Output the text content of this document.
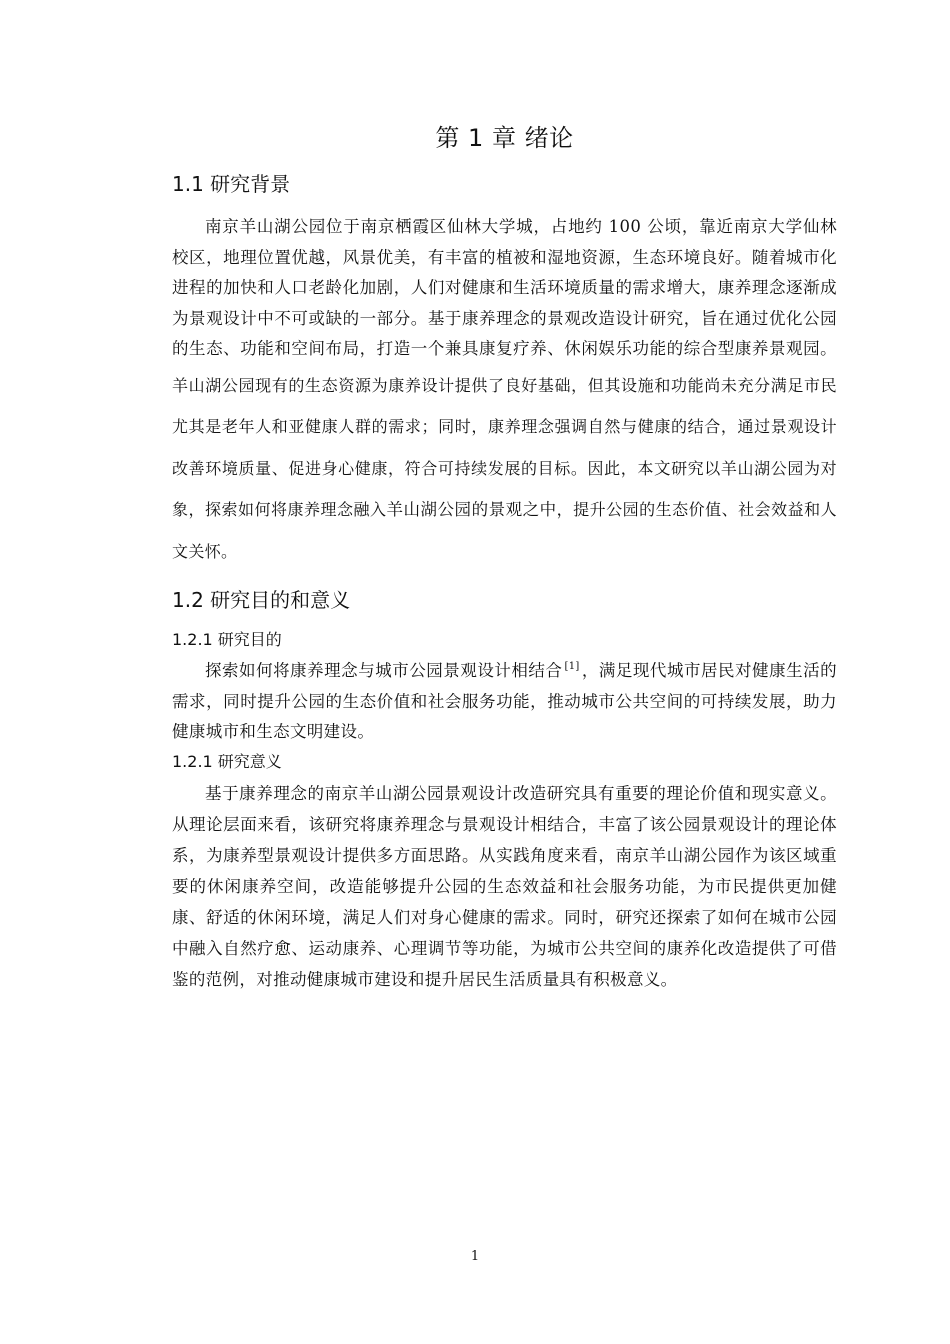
第 1 章 绪论
1.1 研究背景

南京羊山湖公园位于南京栖霞区仙林大学城，占地约 100 公顷，靠近南京大学仙林校区，地理位置优越，风景优美，有丰富的植被和湿地资源，生态环境良好。随着城市化进程的加快和人口老龄化加剧，人们对健康和生活环境质量的需求增大，康养理念逐渐成为景观设计中不可或缺的一部分。基于康养理念的景观改造设计研究，旨在通过优化公园的生态、功能和空间布局，打造一个兼具康复疗养、休闲娱乐功能的综合型康养景观园。羊山湖公园现有的生态资源为康养设计提供了良好基础，但其设施和功能尚未充分满足市民尤其是老年人和亚健康人群的需求；同时，康养理念强调自然与健康的结合，通过景观设计改善环境质量、促进身心健康，符合可持续发展的目标。因此，本文研究以羊山湖公园为对象，探索如何将康养理念融入羊山湖公园的景观之中，提升公园的生态价值、社会效益和人文关怀。

1.2 研究目的和意义
1.2.1 研究目的

探索如何将康养理念与城市公园景观设计相结合 [1] ，满足现代城市居民对健康生活的需求，同时提升公园的生态价值和社会服务功能，推动城市公共空间的可持续发展，助力健康城市和生态文明建设。

1.2.1 研究意义

基于康养理念的南京羊山湖公园景观设计改造研究具有重要的理论价值和现实意义。从理论层面来看，该研究将康养理念与景观设计相结合，丰富了该公园景观设计的理论体系，为康养型景观设计提供多方面思路。从实践角度来看，南京羊山湖公园作为该区域重要的休闲康养空间，改造能够提升公园的生态效益和社会服务功能，为市民提供更加健康、舒适的休闲环境，满足人们对身心健康的需求。同时，研究还探索了如何在城市公园中融入自然疗愈、运动康养、心理调节等功能，为城市公共空间的康养化改造提供了可借鉴的范例，对推动健康城市建设和提升居民生活质量具有积极意义。

1
